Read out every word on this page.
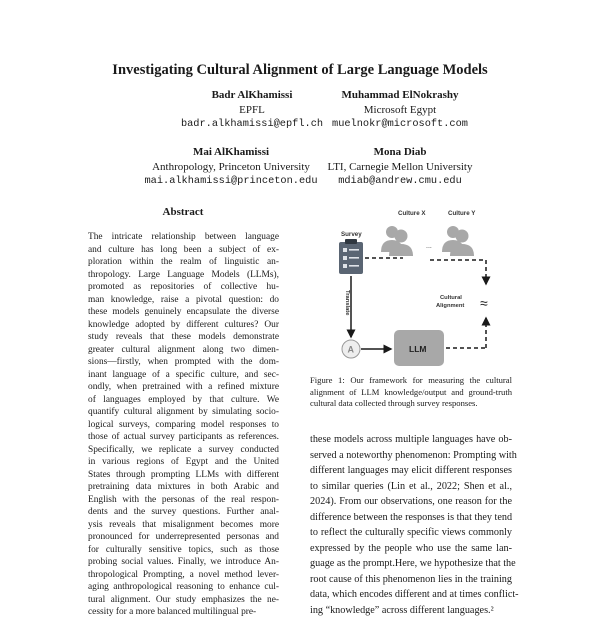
Investigating Cultural Alignment of Large Language Models
Badr AlKhamissi
EPFL
badr.alkhamissi@epfl.ch
Muhammad ElNokrashy
Microsoft Egypt
muelnokr@microsoft.com
Mai AlKhamissi
Anthropology, Princeton University
mai.alkhamissi@princeton.edu
Mona Diab
LTI, Carnegie Mellon University
mdiab@andrew.cmu.edu
Abstract
The intricate relationship between language
and culture has long been a subject of ex-
ploration within the realm of linguistic an-
thropology. Large Language Models (LLMs),
promoted as repositories of collective hu-
man knowledge, raise a pivotal question: do
these models genuinely encapsulate the diverse
knowledge adopted by different cultures? Our
study reveals that these models demonstrate
greater cultural alignment along two dimen-
sions—firstly, when prompted with the dom-
inant language of a specific culture, and sec-
ondly, when pretrained with a refined mixture
of languages employed by that culture. We
quantify cultural alignment by simulating socio-
logical surveys, comparing model responses to
those of actual survey participants as references.
Specifically, we replicate a survey conducted
in various regions of Egypt and the United
States through prompting LLMs with different
pretraining data mixtures in both Arabic and
English with the personas of the real respon-
dents and the survey questions. Further anal-
ysis reveals that misalignment becomes more
pronounced for underrepresented personas and
for culturally sensitive topics, such as those
probing social values. Finally, we introduce An-
thropological Prompting, a novel method lever-
aging anthropological reasoning to enhance cul-
tural alignment. Our study emphasizes the ne-
cessity for a more balanced multilingual pre-
Culture X	Culture Y
...
Survey
Translate
A	LLM
Cultural
Alignment ≈
Figure 1: Our framework for measuring the cultural
alignment of LLM knowledge/output and ground-truth
cultural data collected through survey responses.
these models across multiple languages have ob-
served a noteworthy phenomenon: Prompting with
different languages may elicit different responses
to similar queries (Lin et al., 2022; Shen et al.,
2024). From our observations, one reason for the
difference between the responses is that they tend
to reflect the culturally specific views commonly
expressed by the people who use the same lan-
guage as the prompt.Here, we hypothesize that the
root cause of this phenomenon lies in the training
data, which encodes different and at times conflict-
ing “knowledge” across different languages.²
